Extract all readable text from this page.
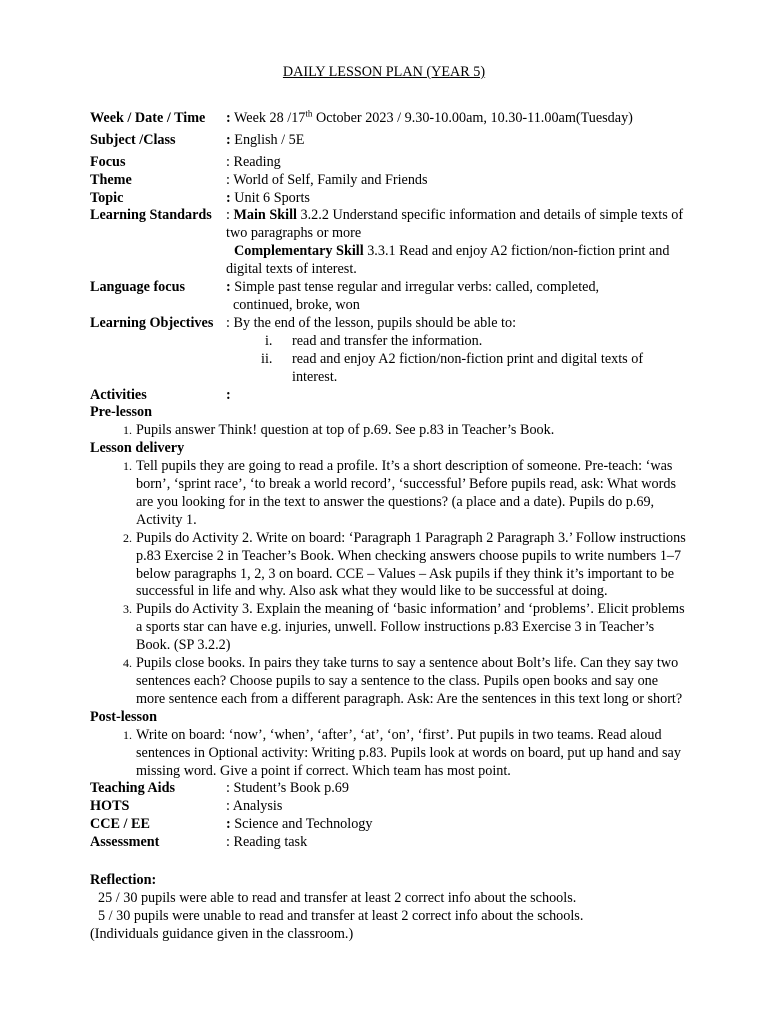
DAILY LESSON PLAN (YEAR 5)
Week / Date / Time	: Week 28 /17th October 2023 / 9.30-10.00am, 10.30-11.00am(Tuesday)
Subject /Class	: English / 5E
Focus	: Reading
Theme	: World of Self, Family and Friends
Topic	: Unit 6 Sports
Learning Standards : Main Skill 3.2.2 Understand specific information and details of simple texts of two paragraphs or more
Complementary Skill 3.3.1 Read and enjoy A2 fiction/non-fiction print and digital texts of interest.
Language focus	: Simple past tense regular and irregular verbs: called, completed,
continued, broke, won
Learning Objectives : By the end of the lesson, pupils should be able to:
i. read and transfer the information.
ii. read and enjoy A2 fiction/non-fiction print and digital texts of interest.
Activities	:
Pre-lesson
1. Pupils answer Think! question at top of p.69. See p.83 in Teacher’s Book.
Lesson delivery
1. Tell pupils they are going to read a profile. It’s a short description of someone. Pre-teach: ‘was born’, ‘sprint race’, ‘to break a world record’, ‘successful’ Before pupils read, ask: What words are you looking for in the text to answer the questions? (a place and a date). Pupils do p.69, Activity 1.
2. Pupils do Activity 2. Write on board: ‘Paragraph 1 Paragraph 2 Paragraph 3.’ Follow instructions p.83 Exercise 2 in Teacher’s Book. When checking answers choose pupils to write numbers 1–7 below paragraphs 1, 2, 3 on board. CCE – Values – Ask pupils if they think it’s important to be successful in life and why. Also ask what they would like to be successful at doing.
3. Pupils do Activity 3. Explain the meaning of ‘basic information’ and ‘problems’. Elicit problems a sports star can have e.g. injuries, unwell. Follow instructions p.83 Exercise 3 in Teacher’s Book. (SP 3.2.2)
4. Pupils close books. In pairs they take turns to say a sentence about Bolt’s life. Can they say two sentences each? Choose pupils to say a sentence to the class. Pupils open books and say one more sentence each from a different paragraph. Ask: Are the sentences in this text long or short?
Post-lesson
1. Write on board: ‘now’, ‘when’, ‘after’, ‘at’, ‘on’, ‘first’. Put pupils in two teams. Read aloud sentences in Optional activity: Writing p.83. Pupils look at words on board, put up hand and say missing word. Give a point if correct. Which team has most point.
Teaching Aids	: Student’s Book p.69
HOTS	: Analysis
CCE / EE	: Science and Technology
Assessment	: Reading task
Reflection:
25 / 30 pupils were able to read and transfer at least 2 correct info about the schools.
5 / 30 pupils were unable to read and transfer at least 2 correct info about the schools.
(Individuals guidance given in the classroom.)
